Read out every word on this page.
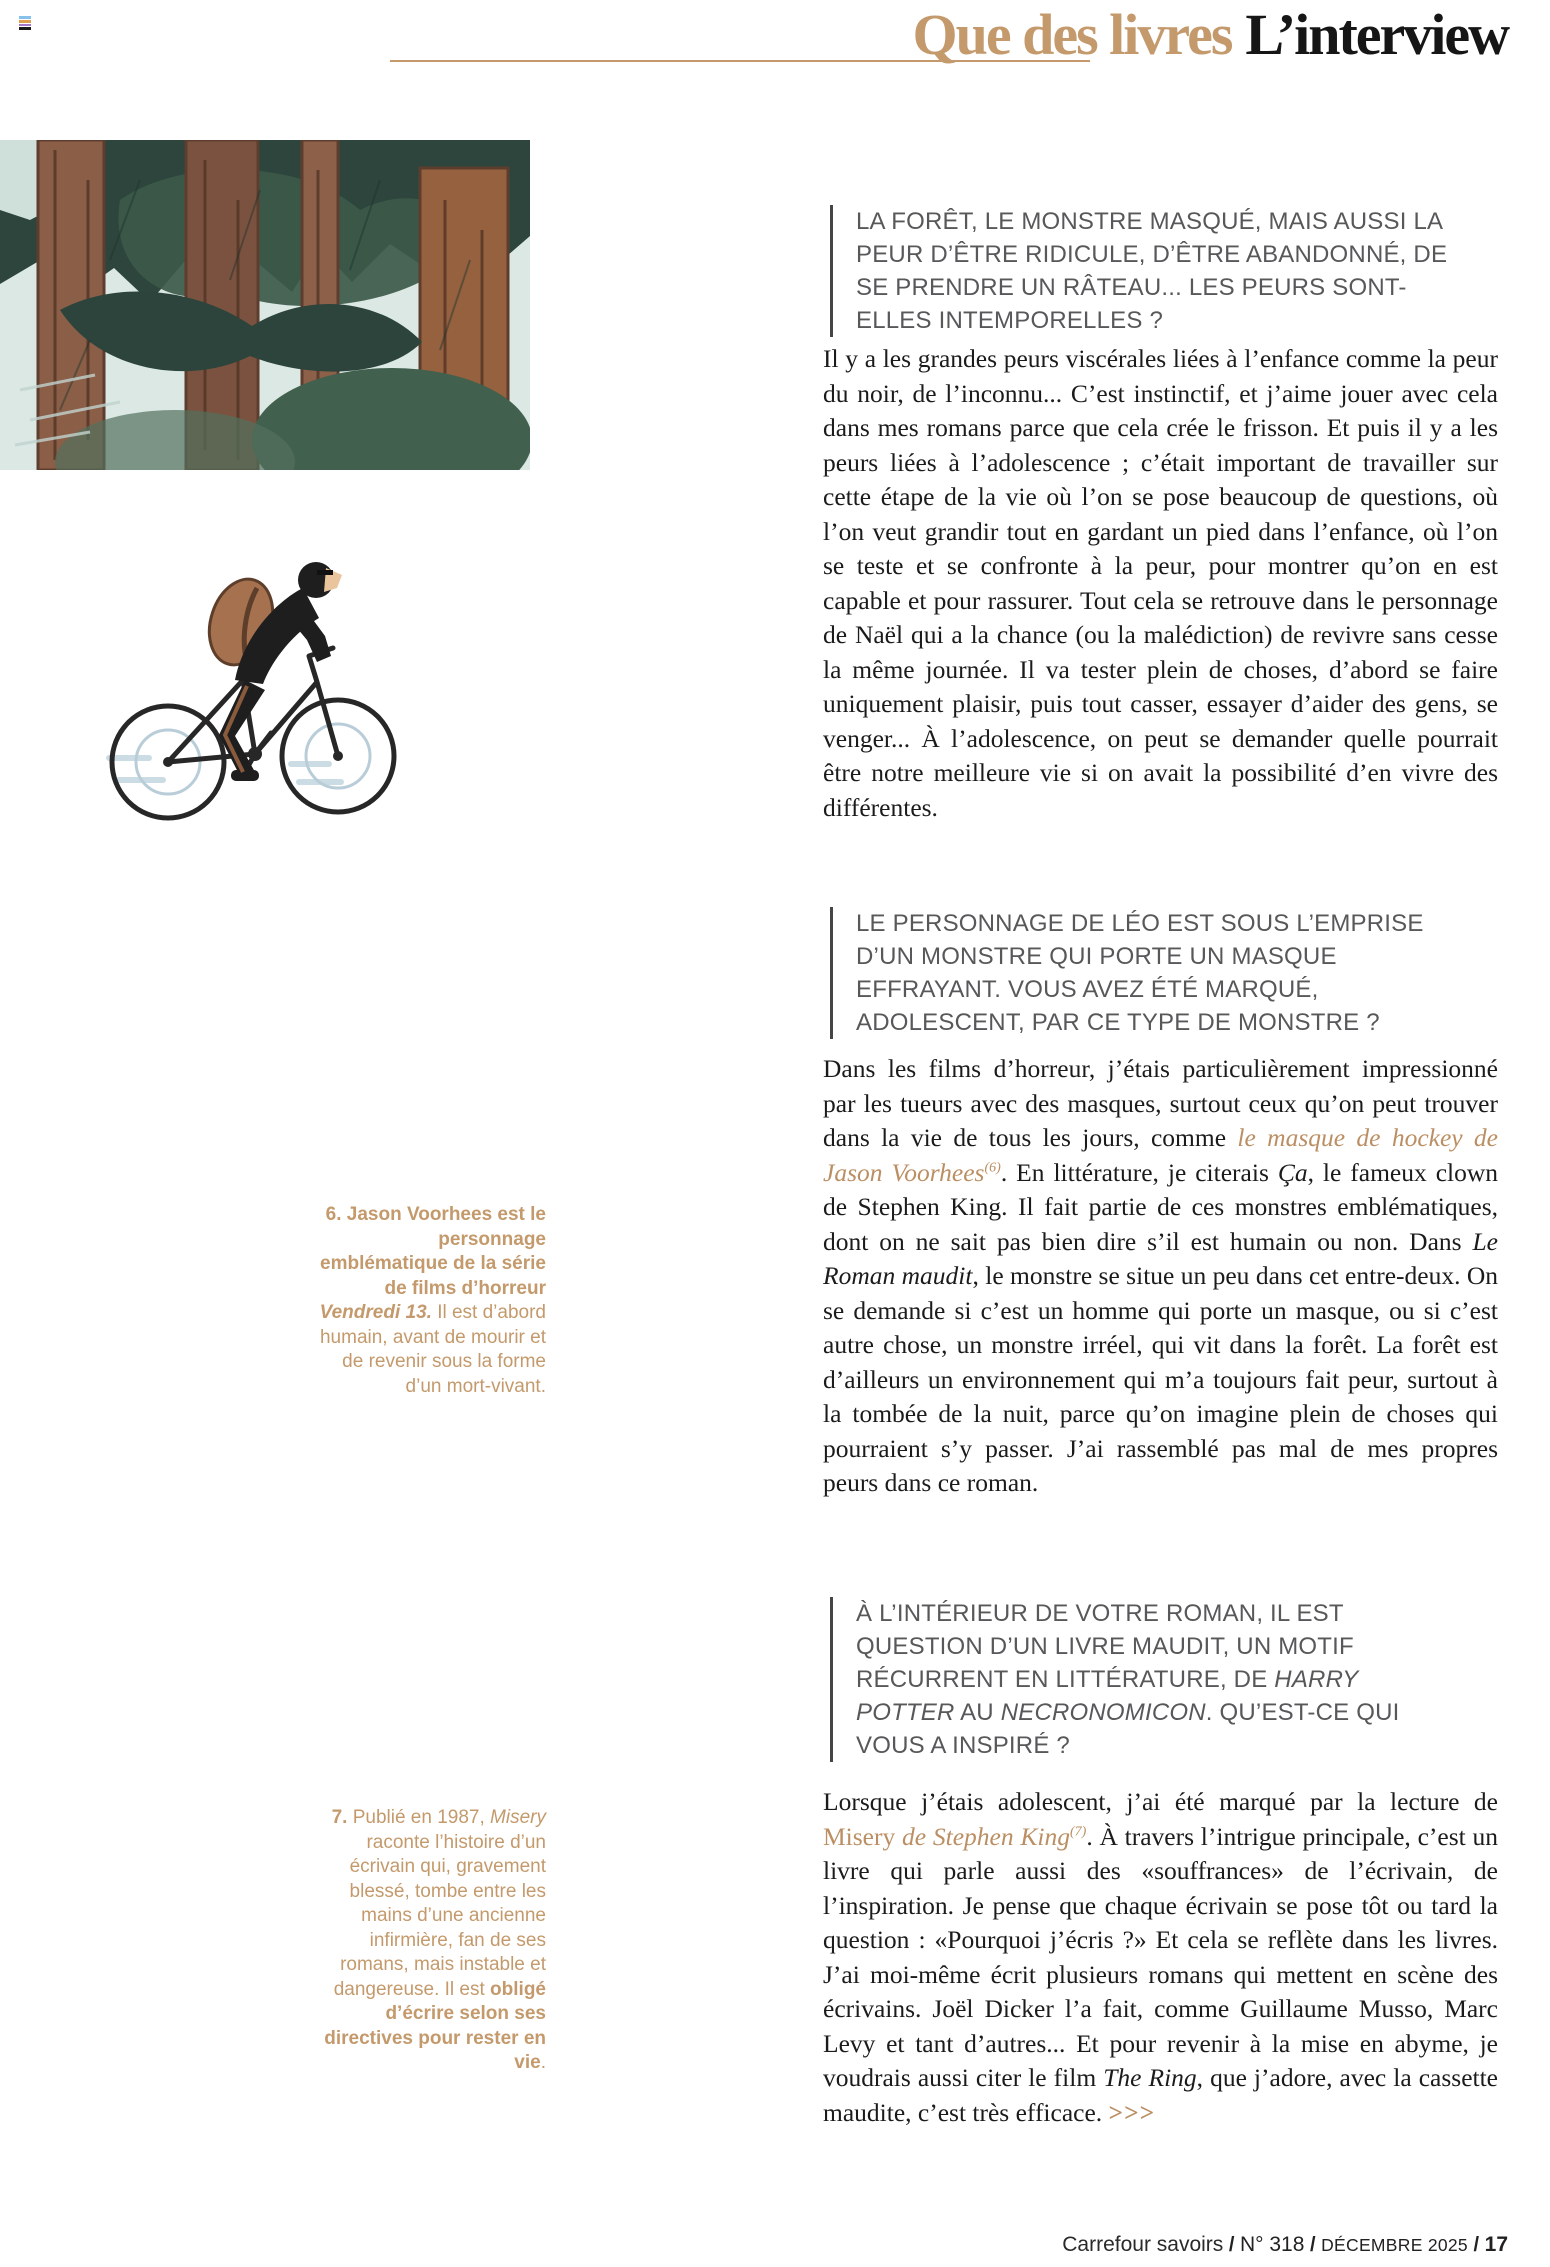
Que des livres L’interview

6. Jason Voorhees est le personnage emblématique de la série de films d’horreur Vendredi 13. Il est d’abord humain, avant de mourir et de revenir sous la forme d’un mort-vivant.

7. Publié en 1987, Misery raconte l’histoire d’un écrivain qui, gravement blessé, tombe entre les mains d’une ancienne infirmière, fan de ses romans, mais instable et dangereuse. Il est obligé d’écrire selon ses directives pour rester en vie.

LA FORÊT, LE MONSTRE MASQUÉ, MAIS AUSSI LA PEUR D’ÊTRE RIDICULE, D’ÊTRE ABANDONNÉ, DE SE PRENDRE UN RÂTEAU... LES PEURS SONT-ELLES INTEMPORELLES ?
Il y a les grandes peurs viscérales liées à l’enfance comme la peur du noir, de l’inconnu... C’est instinctif, et j’aime jouer avec cela dans mes romans parce que cela crée le frisson. Et puis il y a les peurs liées à l’adolescence ; c’était important de travailler sur cette étape de la vie où l’on se pose beaucoup de questions, où l’on veut grandir tout en gardant un pied dans l’enfance, où l’on se teste et se confronte à la peur, pour montrer qu’on en est capable et pour rassurer. Tout cela se retrouve dans le personnage de Naël qui a la chance (ou la malédiction) de revivre sans cesse la même journée. Il va tester plein de choses, d’abord se faire uniquement plaisir, puis tout casser, essayer d’aider des gens, se venger... À l’adolescence, on peut se demander quelle pourrait être notre meilleure vie si on avait la possibilité d’en vivre des différentes.
LE PERSONNAGE DE LÉO EST SOUS L’EMPRISE D’UN MONSTRE QUI PORTE UN MASQUE EFFRAYANT. VOUS AVEZ ÉTÉ MARQUÉ, ADOLESCENT, PAR CE TYPE DE MONSTRE ?
Dans les films d’horreur, j’étais particulièrement impressionné par les tueurs avec des masques, surtout ceux qu’on peut trouver dans la vie de tous les jours, comme le masque de hockey de Jason Voorhees$^{(6)}$. En littérature, je citerais Ça, le fameux clown de Stephen King. Il fait partie de ces monstres emblématiques, dont on ne sait pas bien dire s’il est humain ou non. Dans Le Roman maudit, le monstre se situe un peu dans cet entre-deux. On se demande si c’est un homme qui porte un masque, ou si c’est autre chose, un monstre irréel, qui vit dans la forêt. La forêt est d’ailleurs un environnement qui m’a toujours fait peur, surtout à la tombée de la nuit, parce qu’on imagine plein de choses qui pourraient s’y passer. J’ai rassemblé pas mal de mes propres peurs dans ce roman.
À L’INTÉRIEUR DE VOTRE ROMAN, IL EST QUESTION D’UN LIVRE MAUDIT, UN MOTIF RÉCURRENT EN LITTÉRATURE, DE HARRY POTTER AU NECRONOMICON. QU’EST-CE QUI VOUS A INSPIRÉ ?
Lorsque j’étais adolescent, j’ai été marqué par la lecture de Misery de Stephen King$^{(7)}$. À travers l’intrigue principale, c’est un livre qui parle aussi des «souffrances» de l’écrivain, de l’inspiration. Je pense que chaque écrivain se pose tôt ou tard la question : «Pourquoi j’écris ?» Et cela se reflète dans les livres. J’ai moi-même écrit plusieurs romans qui mettent en scène des écrivains. Joël Dicker l’a fait, comme Guillaume Musso, Marc Levy et tant d’autres... Et pour revenir à la mise en abyme, je voudrais aussi citer le film The Ring, que j’adore, avec la cassette maudite, c’est très efficace. >>>
Carrefour savoirs / N° 318 / DÉCEMBRE 2025 / 17
